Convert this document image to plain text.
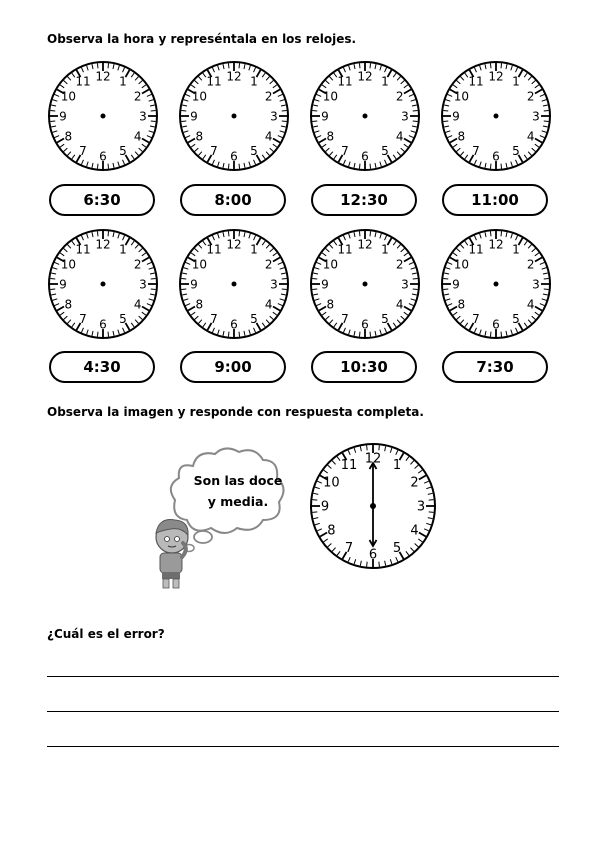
Observa la hora y represéntala en los relojes.

12 1
2
3
4
5
6
7
8
9
10
11
6:30
12 1
2
3
4
5
6
7
8
9
10
11
8:00
12 1
2
3
4
5
6
7
8
9
10
11
12:30
12 1
2
3
4
5
6
7
8
9
10
11
11:00
12 1
2
3
4
5
6
7
8
9
10
11
4:30
12 1
2
3
4
5
6
7
8
9
10
11
9:00
12 1
2
3
4
5
6
7
8
9
10
11
10:30
12 1
2
3
4
5
6
7
8
9
10
11
7:30

Observa la imagen y responde con respuesta completa.

Son las doce
y media.

12 1
2
3
4
5
6
7
8
9
10
11

¿Cuál es el error?
